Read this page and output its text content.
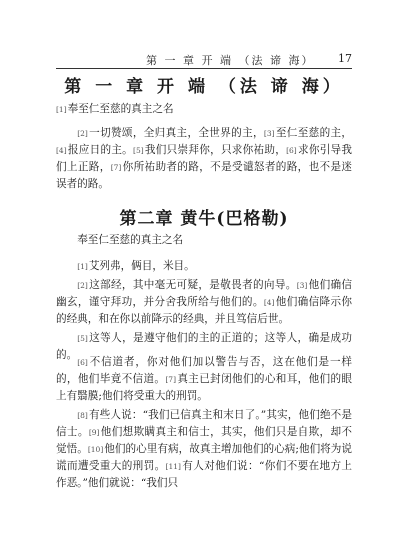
第 一 章 开 端 （法 谛 海） 17
第 一 章 开 端 （法 谛 海）

[1]奉至仁至慈的真主之名

[2]一切赞颂，全归真主，全世界的主，[3]至仁至慈的主，[4]报应日的主。[5]我们只崇拜你，只求你祐助，[6]求你引导我们上正路，[7]你所祐助者的路，不是受谴怒者的路，也不是迷误者的路。

第二章 黄牛(巴格勒)

奉至仁至慈的真主之名

[1]艾列弗，俩目，米目。

[2]这部经，其中毫无可疑，是敬畏者的向导。[3]他们确信幽玄，谨守拜功，并分舍我所给与他们的。[4]他们确信降示你的经典，和在你以前降示的经典，并且笃信后世。

[5]这等人，是遵守他们的主的正道的；这等人，确是成功的。

[6]不信道者，你对他们加以警告与否，这在他们是一样的，他们毕竟不信道。[7]真主已封闭他们的心和耳，他们的眼上有翳膜;他们将受重大的刑罚。

[8]有些人说：“我们已信真主和末日了。”其实，他们绝不是信士。[9]他们想欺瞒真主和信士，其实，他们只是自欺，却不觉悟。[10]他们的心里有病，故真主增加他们的心病;他们将为说谎而遭受重大的刑罚。[11]有人对他们说：“你们不要在地方上作恶。”他们就说：“我们只
